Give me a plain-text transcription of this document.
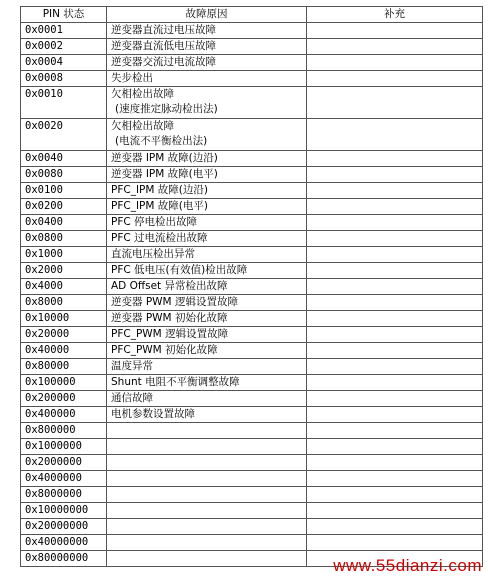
PIN 状态	故障原因	补充
0x0001	逆变器直流过电压故障	

0x0002	逆变器直流低电压故障	

0x0004	逆变器交流过电流故障	

0x0008	失步检出	

0x0010	欠相检出故障
(速度推定脉动检出法)	

0x0020	欠相检出故障
(电流不平衡检出法)	

0x0040	逆变器 IPM 故障(边沿)	

0x0080	逆变器 IPM 故障(电平)	

0x0100	PFC_IPM 故障(边沿)	

0x0200	PFC_IPM 故障(电平)	

0x0400	PFC 停电检出故障	

0x0800	PFC 过电流检出故障	

0x1000	直流电压检出异常	

0x2000	PFC 低电压(有效值)检出故障	

0x4000	AD Offset 异常检出故障	

0x8000	逆变器 PWM 逻辑设置故障	

0x10000	逆变器 PWM 初始化故障	

0x20000	PFC_PWM 逻辑设置故障	

0x40000	PFC_PWM 初始化故障	

0x80000	温度异常	

0x100000	Shunt 电阻不平衡调整故障	

0x200000	通信故障	

0x400000	电机参数设置故障	

0x800000	

0x1000000	

0x2000000	

0x4000000	

0x8000000	

0x10000000	

0x20000000	

0x40000000	

0x80000000	
		www.55dianzi.com
